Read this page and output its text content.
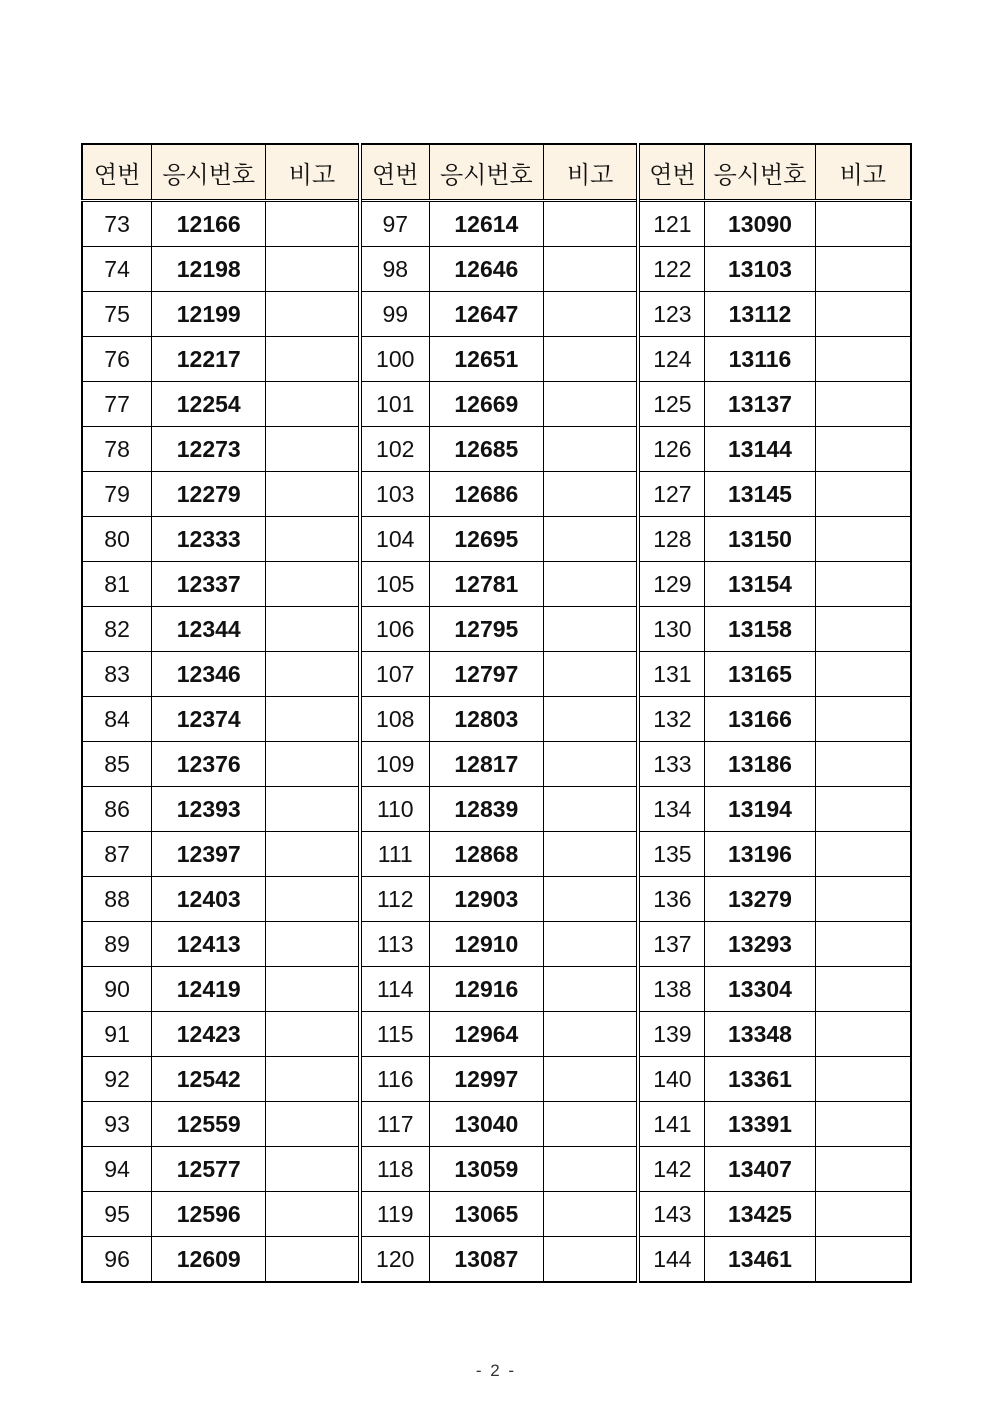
연번	응시번호	비고	연번	응시번호	비고	연번	응시번호	비고
73	12166		97	12614		121	13090	
74	12198		98	12646		122	13103	
75	12199		99	12647		123	13112	
76	12217		100	12651		124	13116	
77	12254		101	12669		125	13137	
78	12273		102	12685		126	13144	
79	12279		103	12686		127	13145	
80	12333		104	12695		128	13150	
81	12337		105	12781		129	13154	
82	12344		106	12795		130	13158	
83	12346		107	12797		131	13165	
84	12374		108	12803		132	13166	
85	12376		109	12817		133	13186	
86	12393		110	12839		134	13194	
87	12397		111	12868		135	13196	
88	12403		112	12903		136	13279	
89	12413		113	12910		137	13293	
90	12419		114	12916		138	13304	
91	12423		115	12964		139	13348	
92	12542		116	12997		140	13361	
93	12559		117	13040		141	13391	
94	12577		118	13059		142	13407	
95	12596		119	13065		143	13425	
96	12609		120	13087		144	13461	
- 2 -
